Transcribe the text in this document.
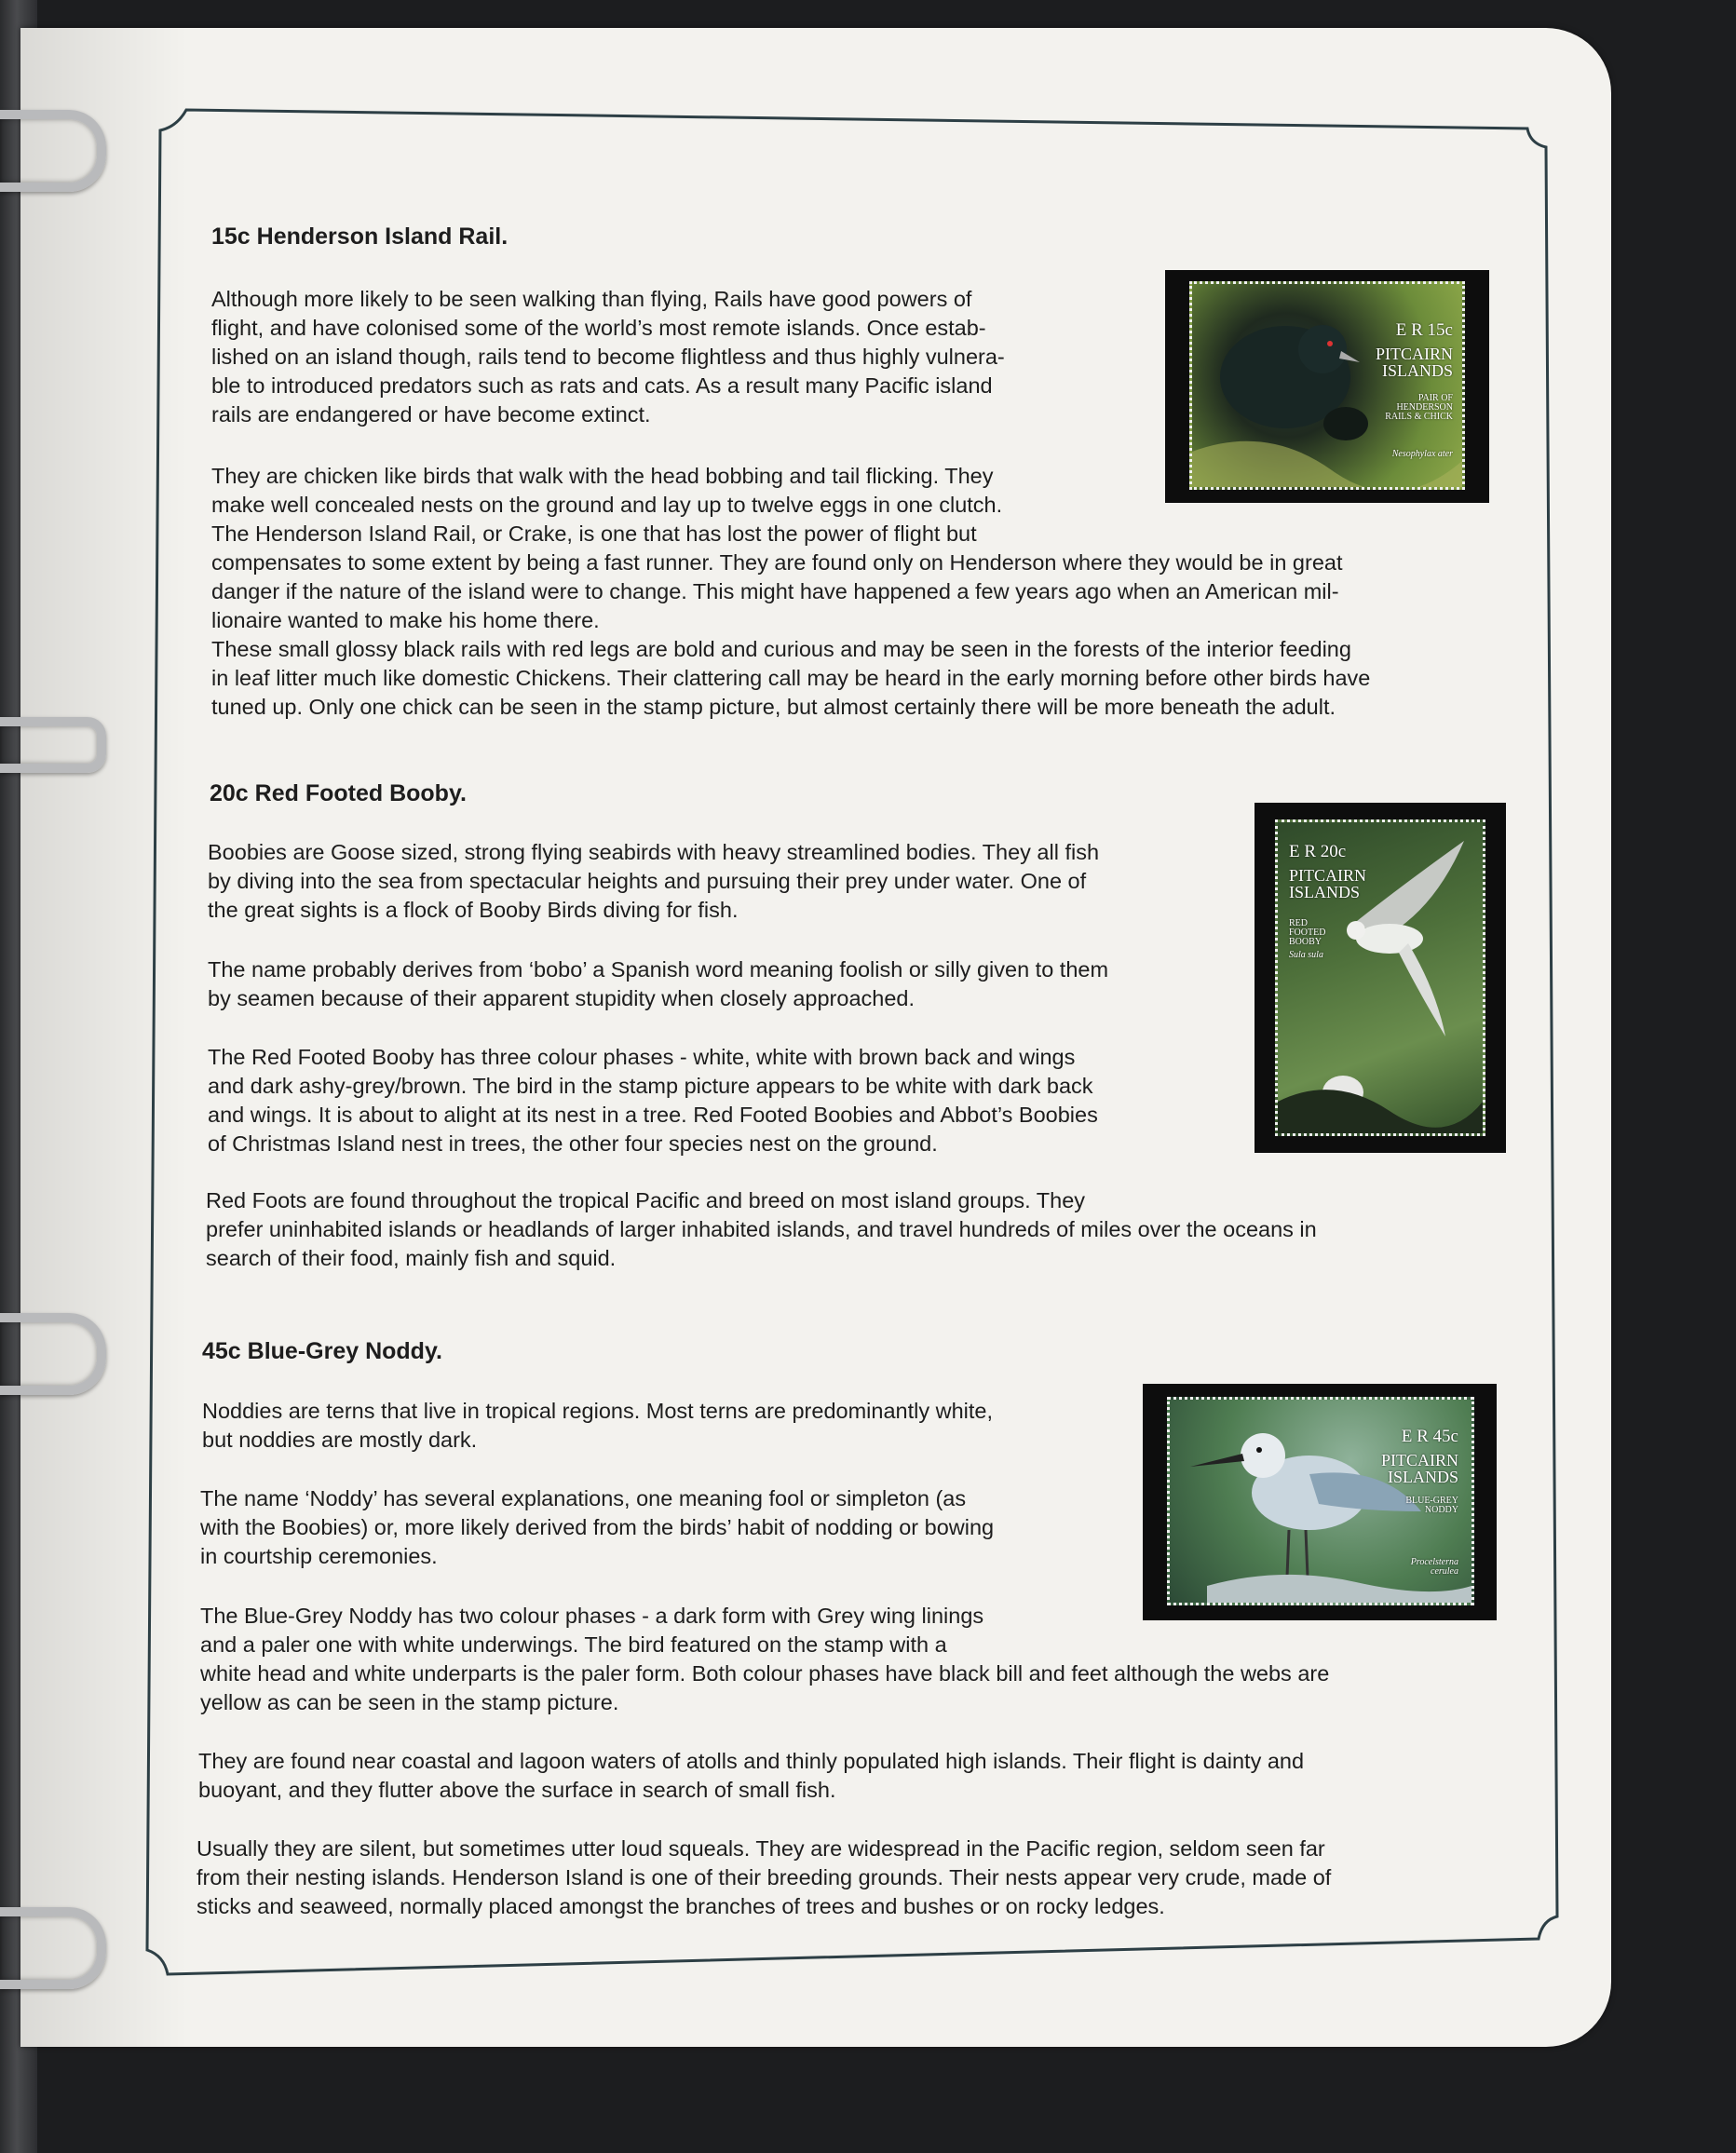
15c Henderson Island Rail.

Although more likely to be seen walking than flying, Rails have good powers of
flight, and have colonised some of the world’s most remote islands. Once estab-
lished on an island though, rails tend to become flightless and thus highly vulnera-
ble to introduced predators such as rats and cats. As a result many Pacific island
rails are endangered or have become extinct.

They are chicken like birds that walk with the head bobbing and tail flicking. They
make well concealed nests on the ground and lay up to twelve eggs in one clutch.
The Henderson Island Rail, or Crake, is one that has lost the power of flight but
compensates to some extent by being a fast runner. They are found only on Henderson where they would be in great
danger if the nature of the island were to change. This might have happened a few years ago when an American mil-
lionaire wanted to make his home there.
These small glossy black rails with red legs are bold and curious and may be seen in the forests of the interior feeding
in leaf litter much like domestic Chickens. Their clattering call may be heard in the early morning before other birds have
tuned up. Only one chick can be seen in the stamp picture, but almost certainly there will be more beneath the adult.

E R 15c
PITCAIRN ISLANDS
PAIR OF HENDERSON RAILS & CHICK
Nesophylax ater
20c Red Footed Booby.

Boobies are Goose sized, strong flying seabirds with heavy streamlined bodies. They all fish
by diving into the sea from spectacular heights and pursuing their prey under water. One of
the great sights is a flock of Booby Birds diving for fish.

The name probably derives from ‘bobo’ a Spanish word meaning foolish or silly given to them
by seamen because of their apparent stupidity when closely approached.

The Red Footed Booby has three colour phases - white, white with brown back and wings
and dark ashy-grey/brown. The bird in the stamp picture appears to be white with dark back
and wings. It is about to alight at its nest in a tree. Red Footed Boobies and Abbot’s Boobies
of Christmas Island nest in trees, the other four species nest on the ground.

Red Foots are found throughout the tropical Pacific and breed on most island groups. They
prefer uninhabited islands or headlands of larger inhabited islands, and travel hundreds of miles over the oceans in
search of their food, mainly fish and squid.

E R 20c
PITCAIRN ISLANDS
RED FOOTED BOOBY
Sula sula
45c Blue-Grey Noddy.

Noddies are terns that live in tropical regions. Most terns are predominantly white,
but noddies are mostly dark.

The name ‘Noddy’ has several explanations, one meaning fool or simpleton (as
with the Boobies) or, more likely derived from the birds’ habit of nodding or bowing
in courtship ceremonies.

The Blue-Grey Noddy has two colour phases - a dark form with Grey wing linings
and a paler one with white underwings. The bird featured on the stamp with a
white head and white underparts is the paler form. Both colour phases have black bill and feet although the webs are
yellow as can be seen in the stamp picture.

They are found near coastal and lagoon waters of atolls and thinly populated high islands. Their flight is dainty and
buoyant, and they flutter above the surface in search of small fish.

Usually they are silent, but sometimes utter loud squeals. They are widespread in the Pacific region, seldom seen far
from their nesting islands. Henderson Island is one of their breeding grounds. Their nests appear very crude, made of
sticks and seaweed, normally placed amongst the branches of trees and bushes or on rocky ledges.

E R 45c
PITCAIRN ISLANDS
BLUE-GREY NODDY
Procelsterna cerulea
